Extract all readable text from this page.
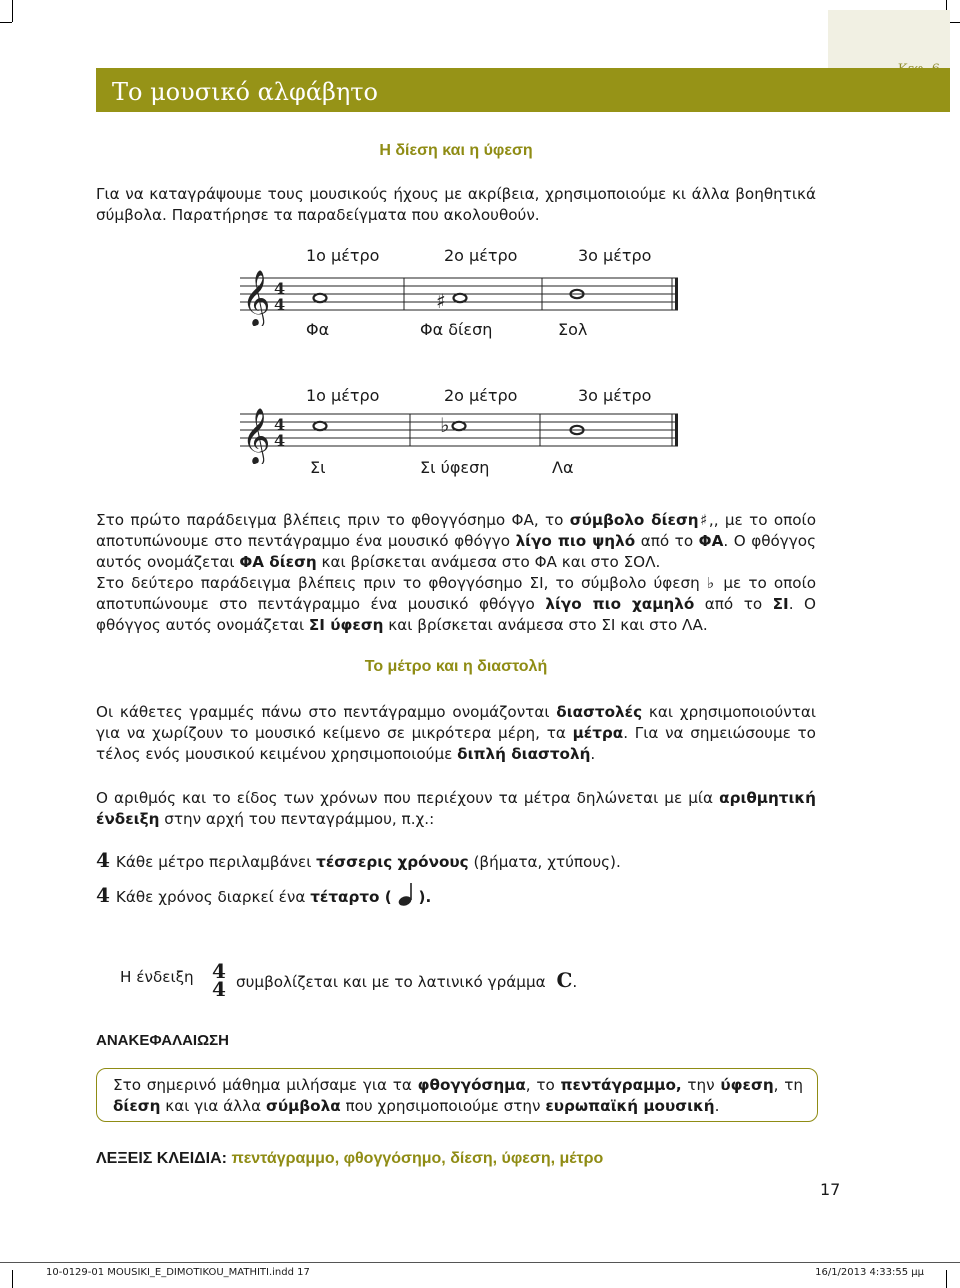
Το μουσικό αλφάβητο
Η δίεση και η ύφεση
Για να καταγράψουμε τους μουσικούς ήχους με ακρίβεια, χρησιμοποιούμε κι άλλα βοηθητικά σύμβολα. Παρατήρησε τα παραδείγματα που ακολουθούν.
1ο μέτρο	2ο μέτρο	3ο μέτρο
𝄞 4
4	♯
Φα	Φα δίεση	Σολ
1ο μέτρο	2ο μέτρο	3ο μέτρο
𝄞 4
4
♭
Σι	Σι ύφεση	Λα
Στο πρώτο παράδειγμα βλέπεις πριν το φθογγόσημο ΦΑ, το σύμβολο δίεση♯,, με το οποίο αποτυπώνουμε στο πεντάγραμμο ένα μουσικό φθόγγο λίγο πιο ψηλό από το ΦΑ. Ο φθόγγος αυτός ονομάζεται ΦΑ δίεση και βρίσκεται ανάμεσα στο ΦΑ και στο ΣΟΛ.
Στο δεύτερο παράδειγμα βλέπεις πριν το φθογγόσημο ΣΙ, το σύμβολο ύφεση ♭ με το οποίο αποτυπώνουμε στο πεντάγραμμο ένα μουσικό φθόγγο λίγο πιο χαμηλό από το ΣΙ. Ο φθόγγος αυτός ονομάζεται ΣΙ ύφεση και βρίσκεται ανάμεσα στο ΣΙ και στο ΛΑ.
Το μέτρο και η διαστολή
Οι κάθετες γραμμές πάνω στο πεντάγραμμο ονομάζονται διαστολές και χρησιμοποιούνται για να χωρίζουν το μουσικό κείμενο σε μικρότερα μέρη, τα μέτρα. Για να σημειώσουμε το τέλος ενός μουσικού κειμένου χρησιμοποιούμε διπλή διαστολή.
Ο αριθμός και το είδος των χρόνων που περιέχουν τα μέτρα δηλώνεται με μία αριθμητική ένδειξη στην αρχή του πενταγράμμου, π.χ.:
4 Κάθε μέτρο περιλαμβάνει τέσσερις χρόνους (βήματα, χτύπους).
4 Κάθε χρόνος διαρκεί ένα τέταρτο ( ).
Η ένδειξη 4
4 συμβολίζεται και με το λατινικό γράμμα C.
ΑΝΑΚΕΦΑΛΑΙΩΣΗ
Στο σημερινό μάθημα μιλήσαμε για τα φθογγόσημα, το πεντάγραμμο, την ύφεση, τη δίεση και για άλλα σύμβολα που χρησιμοποιούμε στην ευρωπαϊκή μουσική.
ΛΕΞΕΙΣ ΚΛΕΙΔΙΑ: πεντάγραμμο, φθογγόσημο, δίεση, ύφεση, μέτρο
17
10-0129-01 MOUSIKI_E_DIMOTIKOU_MATHITI.indd 17	16/1/2013 4:33:55 μμ
